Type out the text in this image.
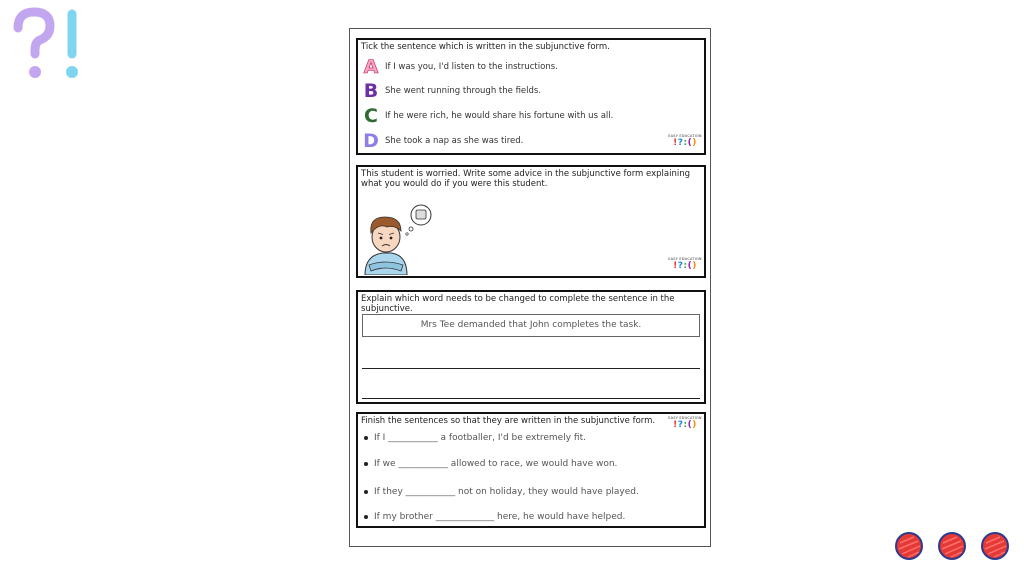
Tick the sentence which is written in the subjunctive form.
A If I was you, I'd listen to the instructions.
B She went running through the fields.
C If he were rich, he would share his fortune with us all.
D She took a nap as she was tired.	EASY EDUCATION
!?:()
This student is worried. Write some advice in the subjunctive form explaining what you would do if you were this student.
EASY EDUCATION
!?:()
Explain which word needs to be changed to complete the sentence in the subjunctive.
Mrs Tee demanded that John completes the task.
Finish the sentences so that they are written in the subjunctive form.	EASY EDUCATION
!?:()
If I ___________ a footballer, I'd be extremely fit.
If we ___________ allowed to race, we would have won.
If they ___________ not on holiday, they would have played.
If my brother _____________ here, he would have helped.
